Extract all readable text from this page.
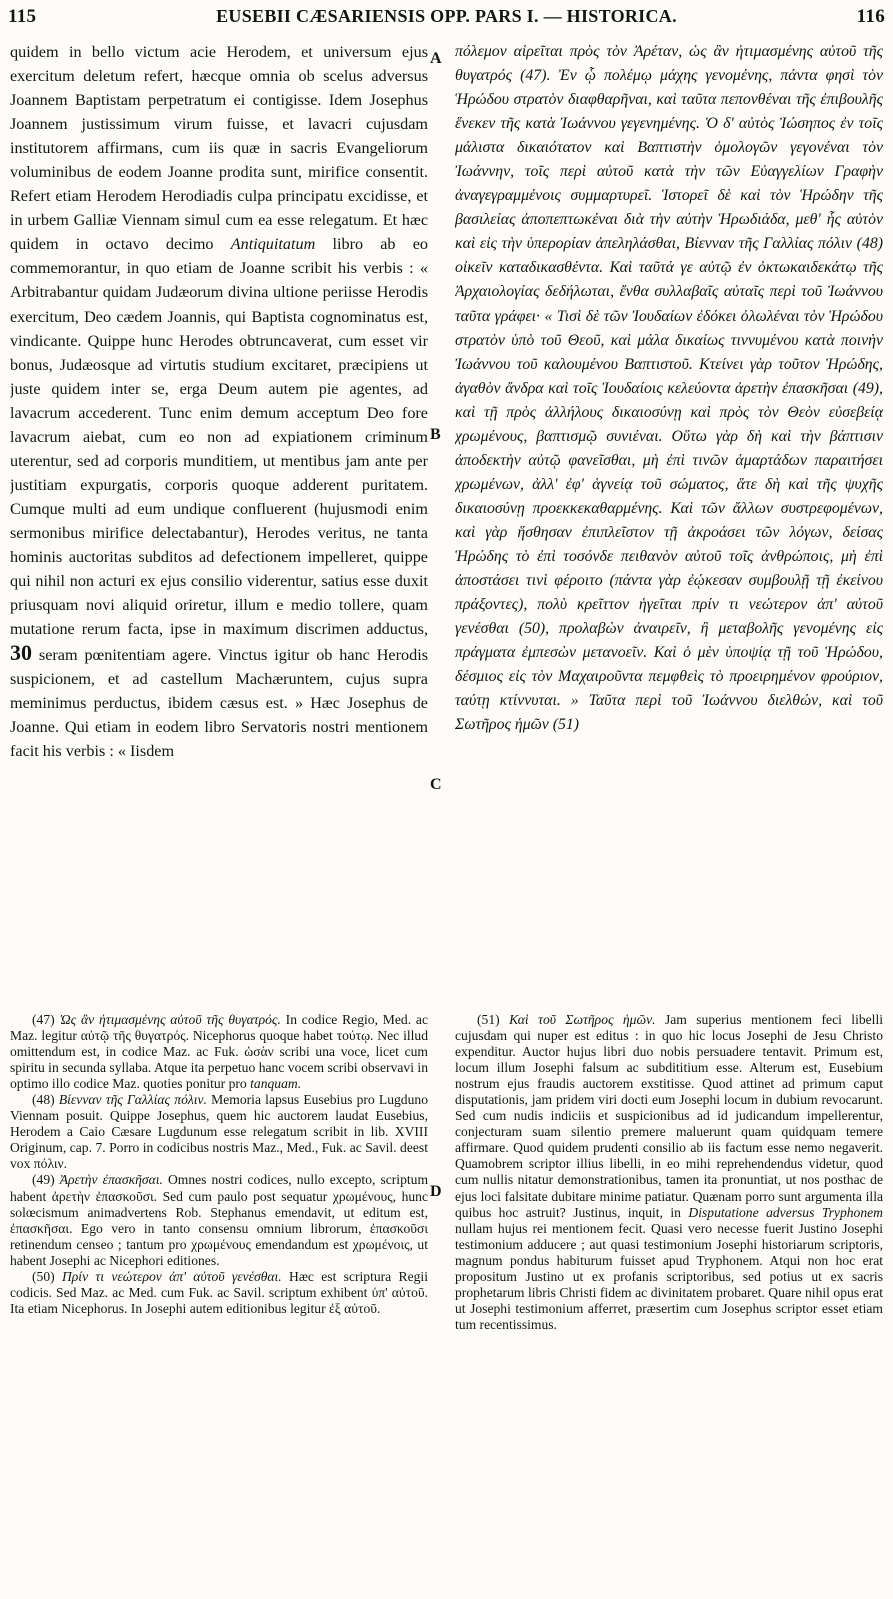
115	EUSEBII CÆSARIENSIS OPP. PARS I. — HISTORICA.	116

quidem in bello victum acie Herodem, et universum ejus exercitum deletum refert, hæcque omnia ob scelus adversus Joannem Baptistam perpetratum ei contigisse. Idem Josephus Joannem justissimum virum fuisse, et lavacri cujusdam institutorem affirmans, cum iis quæ in sacris Evangeliorum voluminibus de eodem Joanne prodita sunt, mirifice consentit. Refert etiam Herodem Herodiadis culpa principatu excidisse, et in urbem Galliæ Viennam simul cum ea esse relegatum. Et hæc quidem in octavo decimo Antiquitatum libro ab eo commemorantur, in quo etiam de Joanne scribit his verbis : « Arbitrabantur quidam Judæorum divina ultione periisse Herodis exercitum, Deo cædem Joannis, qui Baptista cognominatus est, vindicante. Quippe hunc Herodes obtruncaverat, cum esset vir bonus, Judæosque ad virtutis studium excitaret, præcipiens ut juste quidem inter se, erga Deum autem pie agentes, ad lavacrum accederent. Tunc enim demum acceptum Deo fore lavacrum aiebat, cum eo non ad expiationem criminum uterentur, sed ad corporis munditiem, ut mentibus jam ante per justitiam expurgatis, corporis quoque adderent puritatem. Cumque multi ad eum undique confluerent (hujusmodi enim sermonibus mirifice delectabantur), Herodes veritus, ne tanta hominis auctoritas subditos ad defectionem impelleret, quippe qui nihil non acturi ex ejus consilio viderentur, satius esse duxit priusquam novi aliquid oriretur, illum e medio tollere, quam mutatione rerum facta, ipse in maximum discrimen adductus, 30 seram pœnitentiam agere. Vinctus igitur ob hanc Herodis suspicionem, et ad castellum Machæruntem, cujus supra meminimus perductus, ibidem cæsus est. » Hæc Josephus de Joanne. Qui etiam in eodem libro Servatoris nostri mentionem facit his verbis : « Iisdem

A
B
C
D

πόλεμον αἱρεῖται πρὸς τὸν Ἀρέταν, ὡς ἂν ἠτιμασμένης αὐτοῦ τῆς θυγατρός (47). Ἐν ᾧ πολέμῳ μάχης γενομένης, πάντα φησὶ τὸν Ἡρώδου στρατὸν διαφθαρῆναι, καὶ ταῦτα πεπονθέναι τῆς ἐπιβουλῆς ἕνεκεν τῆς κατὰ Ἰωάννου γεγενημένης. Ὁ δ' αὐτὸς Ἰώσηπος ἐν τοῖς μάλιστα δικαιότατον καὶ Βαπτιστὴν ὁμολογῶν γεγονέναι τὸν Ἰωάννην, τοῖς περὶ αὐτοῦ κατὰ τὴν τῶν Εὐαγγελίων Γραφὴν ἀναγεγραμμένοις συμμαρτυρεῖ. Ἱστορεῖ δὲ καὶ τὸν Ἡρώδην τῆς βασιλείας ἀποπεπτωκέναι διὰ τὴν αὐτὴν Ἡρωδιάδα, μεθ' ἧς αὐτὸν καὶ εἰς τὴν ὑπερορίαν ἀπεληλάσθαι, Βίενναν τῆς Γαλλίας πόλιν (48) οἰκεῖν καταδικασθέντα. Καὶ ταῦτά γε αὐτῷ ἐν ὀκτωκαιδεκάτῳ τῆς Ἀρχαιολογίας δεδήλωται, ἔνθα συλλαβαῖς αὐταῖς περὶ τοῦ Ἰωάννου ταῦτα γράφει· « Τισὶ δὲ τῶν Ἰουδαίων ἐδόκει ὀλωλέναι τὸν Ἡρώδου στρατὸν ὑπὸ τοῦ Θεοῦ, καὶ μάλα δικαίως τιννυμένου κατὰ ποινὴν Ἰωάννου τοῦ καλουμένου Βαπτιστοῦ. Κτείνει γὰρ τοῦτον Ἡρώδης, ἀγαθὸν ἄνδρα καὶ τοῖς Ἰουδαίοις κελεύοντα ἀρετὴν ἐπασκῆσαι (49), καὶ τῇ πρὸς ἀλλήλους δικαιοσύνῃ καὶ πρὸς τὸν Θεὸν εὐσεβείᾳ χρωμένους, βαπτισμῷ συνιέναι. Οὕτω γὰρ δὴ καὶ τὴν βάπτισιν ἀποδεκτὴν αὐτῷ φανεῖσθαι, μὴ ἐπὶ τινῶν ἁμαρτάδων παραιτήσει χρωμένων, ἀλλ' ἐφ' ἁγνείᾳ τοῦ σώματος, ἅτε δὴ καὶ τῆς ψυχῆς δικαιοσύνῃ προεκκεκαθαρμένης. Καὶ τῶν ἄλλων συστρεφομένων, καὶ γὰρ ἥσθησαν ἐπιπλεῖστον τῇ ἀκροάσει τῶν λόγων, δείσας Ἡρώδης τὸ ἐπὶ τοσόνδε πειθανὸν αὐτοῦ τοῖς ἀνθρώποις, μὴ ἐπὶ ἀποστάσει τινὶ φέροιτο (πάντα γὰρ ἐῴκεσαν συμβουλῇ τῇ ἐκείνου πράξοντες), πολὺ κρεῖττον ἡγεῖται πρίν τι νεώτερον ἀπ' αὐτοῦ γενέσθαι (50), προλαβὼν ἀναιρεῖν, ἢ μεταβολῆς γενομένης εἰς πράγματα ἐμπεσὼν μετανοεῖν. Καὶ ὁ μὲν ὑποψίᾳ τῇ τοῦ Ἡρώδου, δέσμιος εἰς τὸν Μαχαιροῦντα πεμφθεὶς τὸ προειρημένον φρούριον, ταύτῃ κτίννυται. » Ταῦτα περὶ τοῦ Ἰωάννου διελθών, καὶ τοῦ Σωτῆρος ἡμῶν (51)

(47) Ὡς ἂν ἠτιμασμένης αὐτοῦ τῆς θυγατρός. In codice Regio, Med. ac Maz. legitur αὐτῷ τῆς θυγατρός. Nicephorus quoque habet τούτῳ. Nec illud omittendum est, in codice Maz. ac Fuk. ὡσὰν scribi una voce, licet cum spiritu in secunda syllaba. Atque ita perpetuo hanc vocem scribi observavi in optimo illo codice Maz. quoties ponitur pro tanquam.

(48) Βίενναν τῆς Γαλλίας πόλιν. Memoria lapsus Eusebius pro Lugduno Viennam posuit. Quippe Josephus, quem hic auctorem laudat Eusebius, Herodem a Caio Cæsare Lugdunum esse relegatum scribit in lib. XVIII Originum, cap. 7. Porro in codicibus nostris Maz., Med., Fuk. ac Savil. deest vox πόλιν.

(49) Ἀρετὴν ἐπασκῆσαι. Omnes nostri codices, nullo excepto, scriptum habent ἀρετὴν ἐπασκοῦσι. Sed cum paulo post sequatur χρωμένους, hunc solœcismum animadvertens Rob. Stephanus emendavit, ut editum est, ἐπασκῆσαι. Ego vero in tanto consensu omnium librorum, ἐπασκοῦσι retinendum censeo ; tantum pro χρωμένους emendandum est χρωμένοις, ut habent Josephi ac Nicephori editiones.

(50) Πρίν τι νεώτερον ἀπ' αὐτοῦ γενέσθαι. Hæc est scriptura Regii codicis. Sed Maz. ac Med. cum Fuk. ac Savil. scriptum exhibent ὑπ' αὐτοῦ. Ita etiam Nicephorus. In Josephi autem editionibus legitur ἐξ αὐτοῦ.

(51) Καὶ τοῦ Σωτῆρος ἡμῶν. Jam superius mentionem feci libelli cujusdam qui nuper est editus : in quo hic locus Josephi de Jesu Christo expenditur. Auctor hujus libri duo nobis persuadere tentavit. Primum est, locum illum Josephi falsum ac subdititium esse. Alterum est, Eusebium nostrum ejus fraudis auctorem exstitisse. Quod attinet ad primum caput disputationis, jam pridem viri docti eum Josephi locum in dubium revocarunt. Sed cum nudis indiciis et suspicionibus ad id judicandum impellerentur, conjecturam suam silentio premere maluerunt quam quidquam temere affirmare. Quod quidem prudenti consilio ab iis factum esse nemo negaverit. Quamobrem scriptor illius libelli, in eo mihi reprehendendus videtur, quod cum nullis nitatur demonstrationibus, tamen ita pronuntiat, ut nos posthac de ejus loci falsitate dubitare minime patiatur. Quænam porro sunt argumenta illa quibus hoc astruit? Justinus, inquit, in Disputatione adversus Tryphonem nullam hujus rei mentionem fecit. Quasi vero necesse fuerit Justino Josephi testimonium adducere ; aut quasi testimonium Josephi historiarum scriptoris, magnum pondus habiturum fuisset apud Tryphonem. Atqui non hoc erat propositum Justino ut ex profanis scriptoribus, sed potius ut ex sacris prophetarum libris Christi fidem ac divinitatem probaret. Quare nihil opus erat ut Josephi testimonium afferret, præsertim cum Josephus scriptor esset etiam tum recentissimus.
